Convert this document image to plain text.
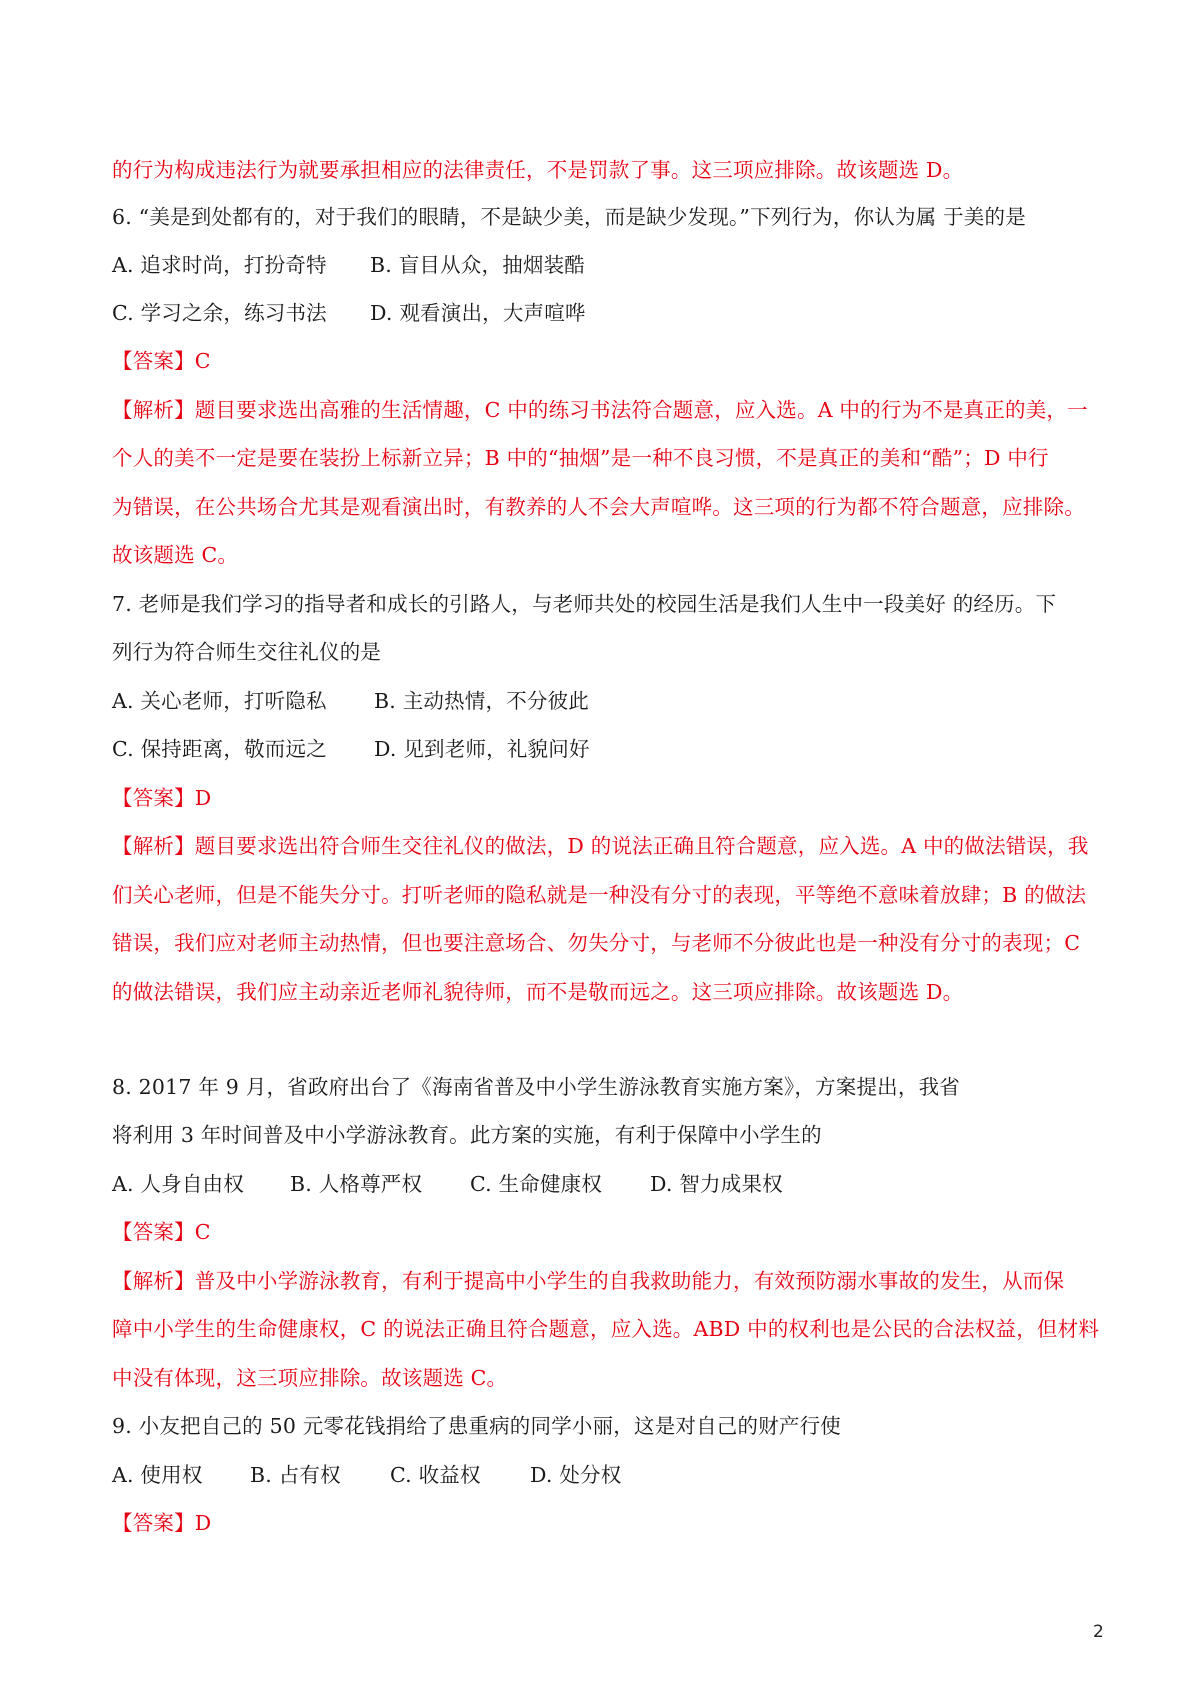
的行为构成违法行为就要承担相应的法律责任，不是罚款了事。这三项应排除。故该题选 D。
6. “美是到处都有的，对于我们的眼睛，不是缺少美，而是缺少发现。”下列行为，你认为属 于美的是
A. 追求时尚，打扮奇特 B. 盲目从众，抽烟装酷
C. 学习之余，练习书法 D. 观看演出，大声喧哗
【答案】C
【解析】题目要求选出高雅的生活情趣，C 中的练习书法符合题意，应入选。A 中的行为不是真正的美，一
个人的美不一定是要在装扮上标新立异；B 中的“抽烟”是一种不良习惯，不是真正的美和“酷”；D 中行
为错误，在公共场合尤其是观看演出时，有教养的人不会大声喧哗。这三项的行为都不符合题意，应排除。
故该题选 C。
7. 老师是我们学习的指导者和成长的引路人，与老师共处的校园生活是我们人生中一段美好 的经历。下
列行为符合师生交往礼仪的是
A. 关心老师，打听隐私 B. 主动热情，不分彼此
C. 保持距离，敬而远之 D. 见到老师，礼貌问好
【答案】D
【解析】题目要求选出符合师生交往礼仪的做法，D 的说法正确且符合题意，应入选。A 中的做法错误，我
们关心老师，但是不能失分寸。打听老师的隐私就是一种没有分寸的表现，平等绝不意味着放肆；B 的做法
错误，我们应对老师主动热情，但也要注意场合、勿失分寸，与老师不分彼此也是一种没有分寸的表现；C
的做法错误，我们应主动亲近老师礼貌待师，而不是敬而远之。这三项应排除。故该题选 D。
8. 2017 年 9 月，省政府出台了《海南省普及中小学生游泳教育实施方案》，方案提出，我省
将利用 3 年时间普及中小学游泳教育。此方案的实施，有利于保障中小学生的
A. 人身自由权 B. 人格尊严权 C. 生命健康权 D. 智力成果权
【答案】C
【解析】普及中小学游泳教育，有利于提高中小学生的自我救助能力，有效预防溺水事故的发生，从而保
障中小学生的生命健康权，C 的说法正确且符合题意，应入选。ABD 中的权利也是公民的合法权益，但材料
中没有体现，这三项应排除。故该题选 C。
9. 小友把自己的 50 元零花钱捐给了患重病的同学小丽，这是对自己的财产行使
A. 使用权 B. 占有权 C. 收益权 D. 处分权
【答案】D
2
